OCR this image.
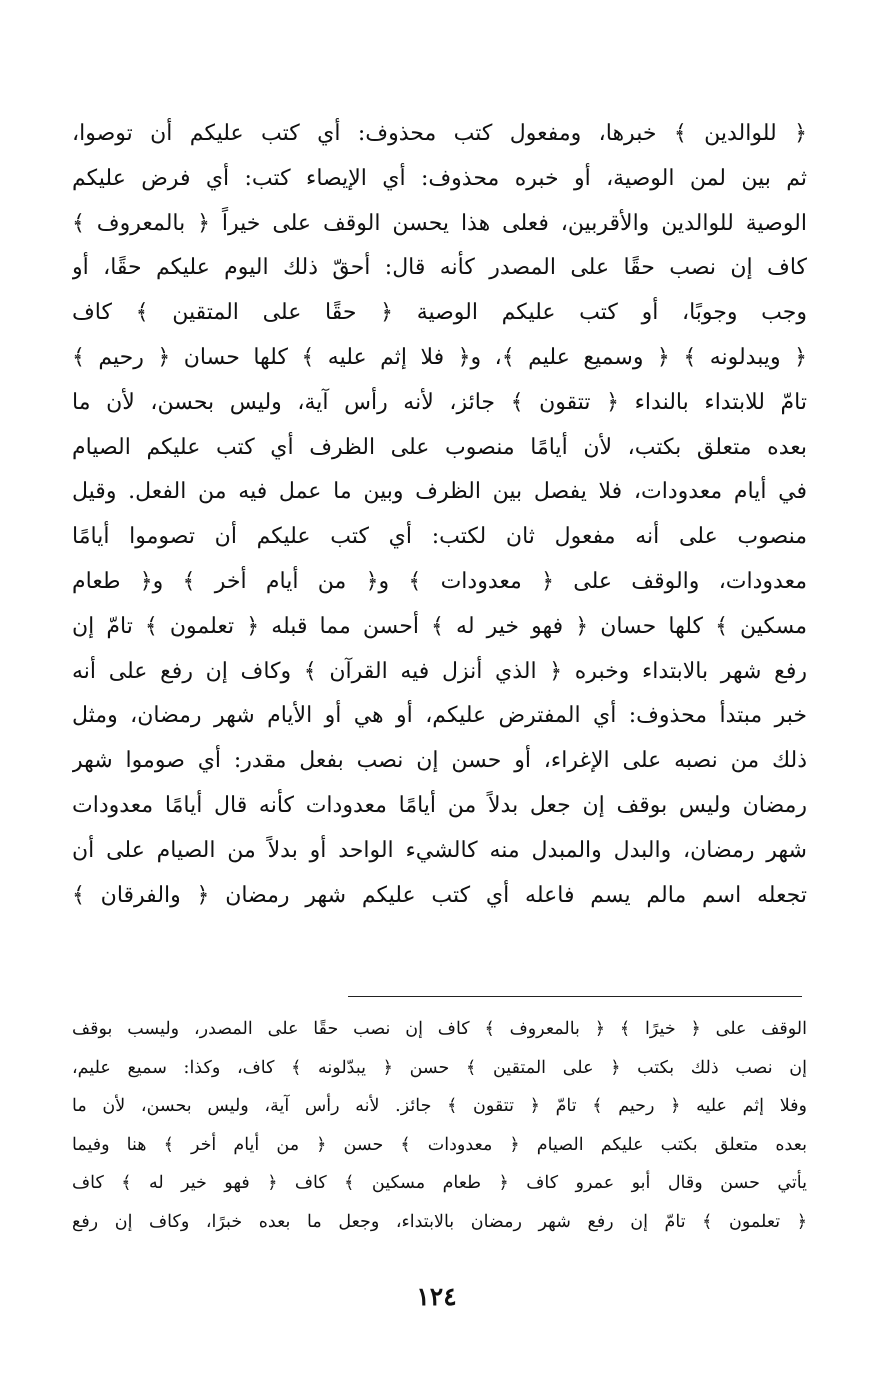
﴿ للوالدين ﴾ خبرها، ومفعول كتب محذوف: أي كتب عليكم أن توصوا،
ثم بين لمن الوصية، أو خبره محذوف: أي الإيصاء كتب: أي فرض عليكم
الوصية للوالدين والأقربين، فعلى هذا يحسن الوقف على خيراً ﴿ بالمعروف ﴾
كاف إن نصب حقًا على المصدر كأنه قال: أحقّ ذلك اليوم عليكم حقًا، أو
وجب وجوبًا، أو كتب عليكم الوصية ﴿ حقًا على المتقين ﴾ كاف
﴿ ويبدلونه ﴾ ﴿ وسميع عليم ﴾، و﴿ فلا إثم عليه ﴾ كلها حسان ﴿ رحيم ﴾
تامّ للابتداء بالنداء ﴿ تتقون ﴾ جائز، لأنه رأس آية، وليس بحسن، لأن ما
بعده متعلق بكتب، لأن أيامًا منصوب على الظرف أي كتب عليكم الصيام
في أيام معدودات، فلا يفصل بين الظرف وبين ما عمل فيه من الفعل. وقيل
منصوب على أنه مفعول ثان لكتب: أي كتب عليكم أن تصوموا أيامًا
معدودات، والوقف على ﴿ معدودات ﴾ و﴿ من أيام أخر ﴾ و﴿ طعام
مسكين ﴾ كلها حسان ﴿ فهو خير له ﴾ أحسن مما قبله ﴿ تعلمون ﴾ تامّ إن
رفع شهر بالابتداء وخبره ﴿ الذي أنزل فيه القرآن ﴾ وكاف إن رفع على أنه
خبر مبتدأ محذوف: أي المفترض عليكم، أو هي أو الأيام شهر رمضان، ومثل
ذلك من نصبه على الإغراء، أو حسن إن نصب بفعل مقدر: أي صوموا شهر
رمضان وليس بوقف إن جعل بدلاً من أيامًا معدودات كأنه قال أيامًا معدودات
شهر رمضان، والبدل والمبدل منه كالشيء الواحد أو بدلاً من الصيام على أن
تجعله اسم مالم يسم فاعله أي كتب عليكم شهر رمضان ﴿ والفرقان ﴾
الوقف على ﴿ خيرًا ﴾ ﴿ بالمعروف ﴾ كاف إن نصب حقًا على المصدر، وليسب بوقف
إن نصب ذلك بكتب ﴿ على المتقين ﴾ حسن ﴿ يبدّلونه ﴾ كاف، وكذا: سميع عليم،
وفلا إثم عليه ﴿ رحيم ﴾ تامّ ﴿ تتقون ﴾ جائز. لأنه رأس آية، وليس بحسن، لأن ما
بعده متعلق بكتب عليكم الصيام ﴿ معدودات ﴾ حسن ﴿ من أيام أخر ﴾ هنا وفيما
يأتي حسن وقال أبو عمرو كاف ﴿ طعام مسكين ﴾ كاف ﴿ فهو خير له ﴾ كاف
﴿ تعلمون ﴾ تامّ إن رفع شهر رمضان بالابتداء، وجعل ما بعده خبرًا، وكاف إن رفع
١٢٤
